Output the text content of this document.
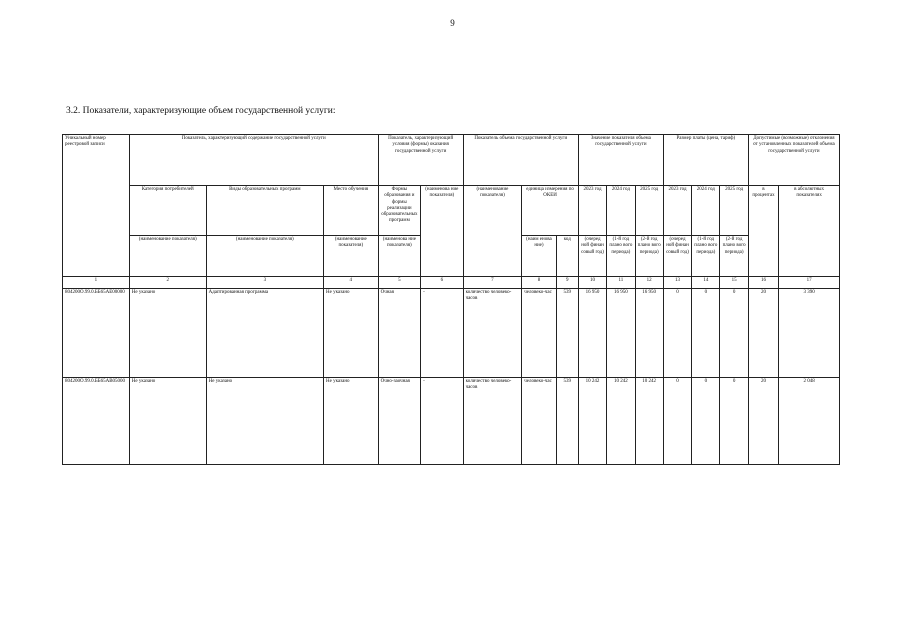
9
3.2. Показатели, характеризующие объем государственной услуги:
Уникальный номер реестровой записи	Показатель, характеризующий содержание государственной услуги			Показатель, характеризующий условия (формы) оказания государственной услуги		Показатель объема государственной услуги			Значение показателя объема государственной услуги			Размер платы (цена, тариф)			Допустимые (возможные) отклонения от установленных показателей объема государственной услуги	
	Категория потребителей	Виды образовательных программ	Место обучения	Формы образования и формы реализации образовательных программ	(наименова ние показателя)	(наименование показателя)	единица измерения по ОКЕИ		2023 год	2024 год	2025 год	2023 год	2024 год	2025 год	в процентах	в абсолютных показателях
	(наименование показателя)	(наименование показателя)	(наименование показателя)	(наименова ние показателя)			(наим енова ние)	код	(очеред ной финан совый год)	(1-й год плано вого периода)	(2-й год плано вого периода)	(очеред ной финан совый год)	(1-й год плано вого периода)	(2-й год плано вого периода)		
1	2	3	4	5	6	7	8	9	10	11	12	13	14	15	16	17
804200О.99.0.ББ65АЕ00000	Не указано	Адаптированная программа	Не указано	Очная	-	количество человеко-часов	человеко-час	539	16 950	16 950	16 950	0	0	0	20	3 390
804200О.99.0.ББ65АВ05000	Не указано	Не указано	Не указано	Очно-заочная	-	количество человеко-часов	человеко-час	539	10 242	10 242	10 242	0	0	0	20	2 048
